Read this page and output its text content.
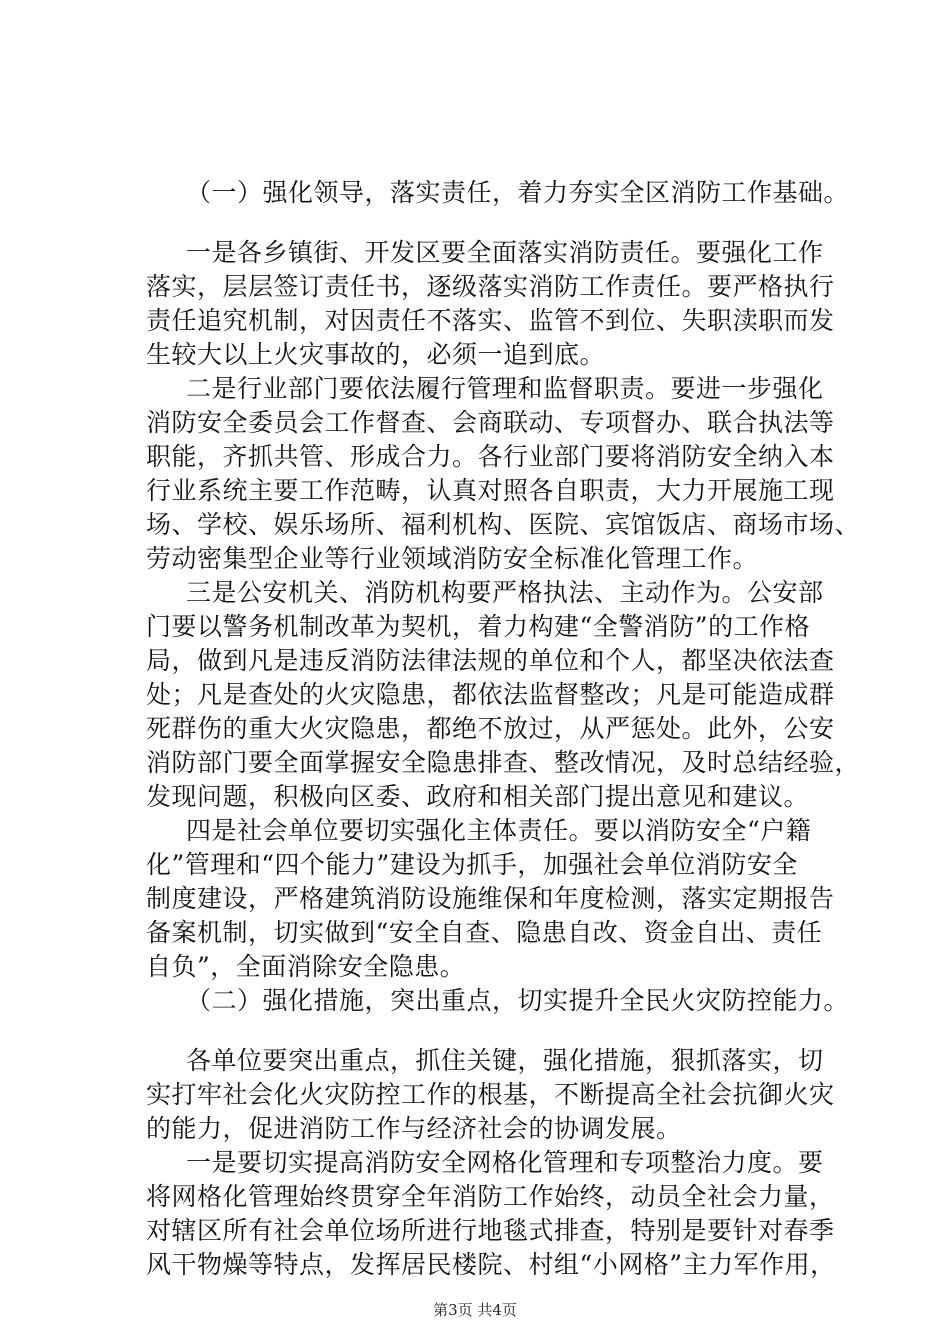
（一）强化领导，落实责任，着力夯实全区消防工作基础。
一是各乡镇街、开发区要全面落实消防责任。要强化工作
落实，层层签订责任书，逐级落实消防工作责任。要严格执行
责任追究机制，对因责任不落实、监管不到位、失职渎职而发
生较大以上火灾事故的，必须一追到底。
二是行业部门要依法履行管理和监督职责。要进一步强化
消防安全委员会工作督查、会商联动、专项督办、联合执法等
职能，齐抓共管、形成合力。各行业部门要将消防安全纳入本
行业系统主要工作范畴，认真对照各自职责，大力开展施工现
场、学校、娱乐场所、福利机构、医院、宾馆饭店、商场市场、
劳动密集型企业等行业领域消防安全标准化管理工作。
三是公安机关、消防机构要严格执法、主动作为。公安部
门要以警务机制改革为契机，着力构建“全警消防”的工作格
局，做到凡是违反消防法律法规的单位和个人，都坚决依法查
处；凡是查处的火灾隐患，都依法监督整改；凡是可能造成群
死群伤的重大火灾隐患，都绝不放过，从严惩处。此外，公安
消防部门要全面掌握安全隐患排查、整改情况，及时总结经验，
发现问题，积极向区委、政府和相关部门提出意见和建议。
四是社会单位要切实强化主体责任。要以消防安全“户籍
化”管理和“四个能力”建设为抓手，加强社会单位消防安全
制度建设，严格建筑消防设施维保和年度检测，落实定期报告
备案机制，切实做到“安全自查、隐患自改、资金自出、责任
自负”，全面消除安全隐患。
（二）强化措施，突出重点，切实提升全民火灾防控能力。
各单位要突出重点，抓住关键，强化措施，狠抓落实，切
实打牢社会化火灾防控工作的根基，不断提高全社会抗御火灾
的能力，促进消防工作与经济社会的协调发展。
一是要切实提高消防安全网格化管理和专项整治力度。要
将网格化管理始终贯穿全年消防工作始终，动员全社会力量，
对辖区所有社会单位场所进行地毯式排查，特别是要针对春季
风干物燥等特点，发挥居民楼院、村组“小网格”主力军作用，
第3页 共4页
